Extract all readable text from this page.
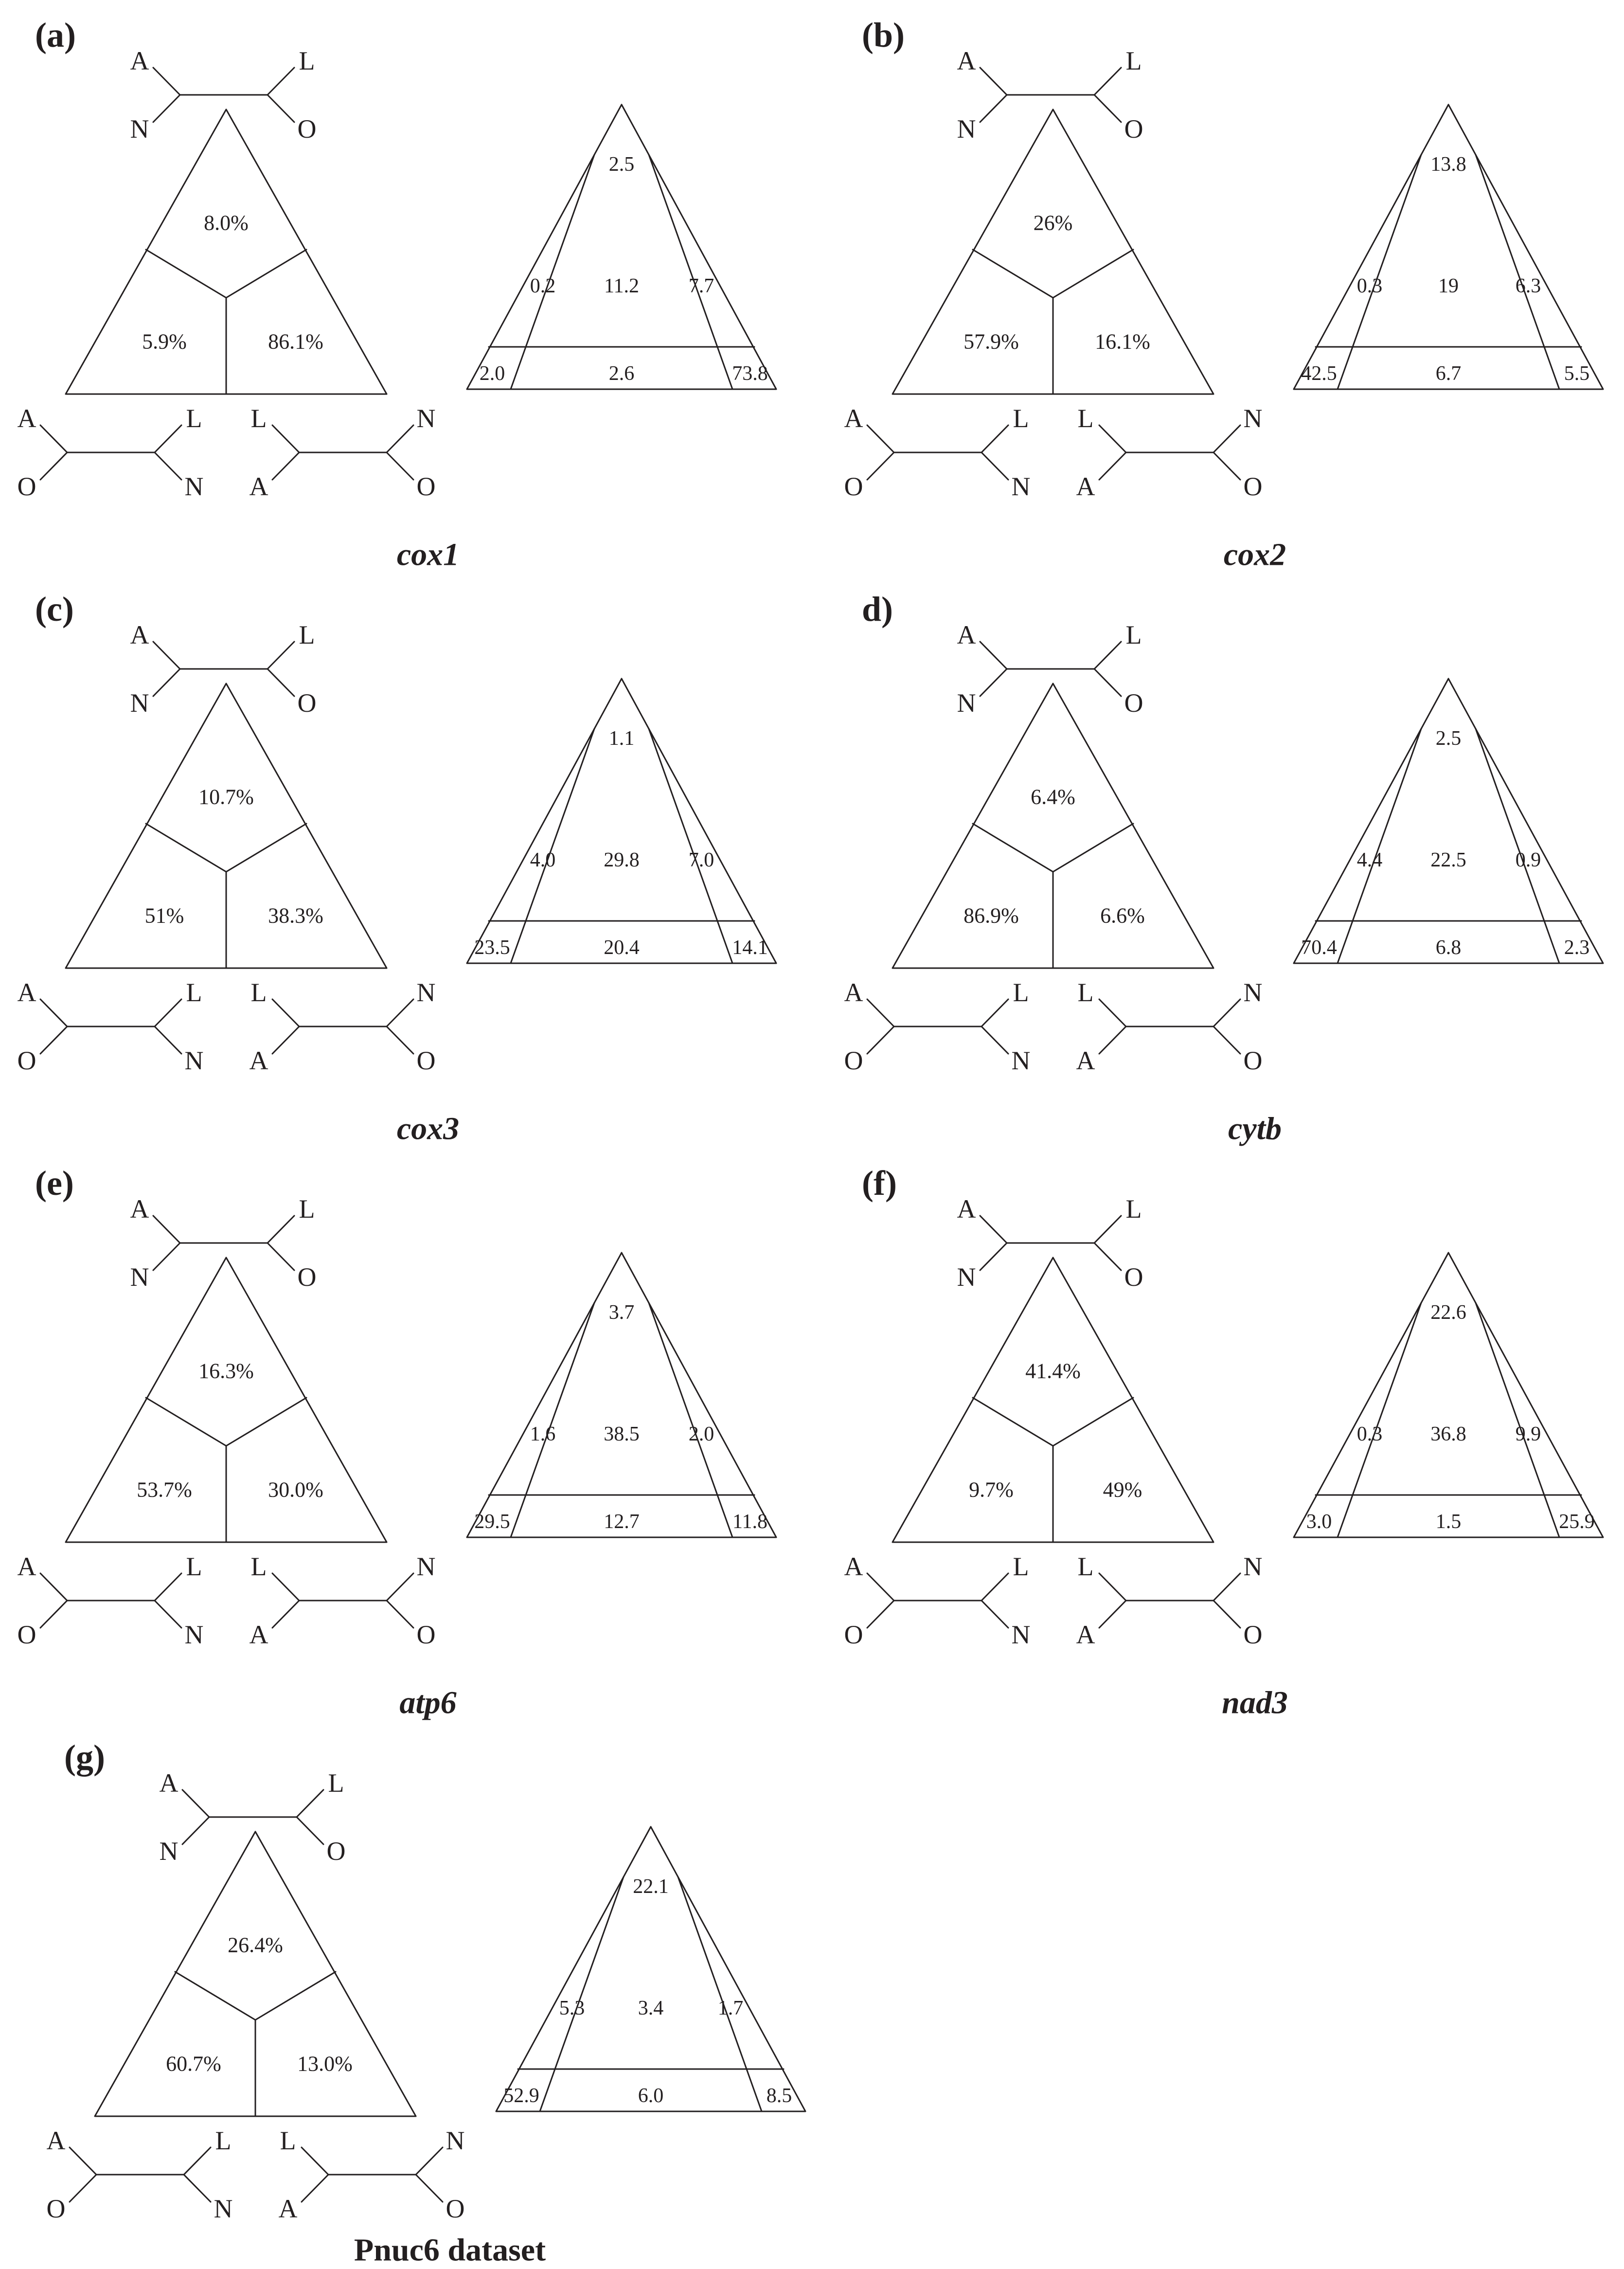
(a)
8.0%
5.9%	86.1%
A	L
N	O
A	L
O	N
L	N
A	O
2.5
0.2 11.2 7.7
2.0	2.6	73.8
cox1
(b)
26%
57.9%	16.1%
A	L
N	O
A	L
O	N
L	N
A	O
13.8
0.3	19	6.3
42.5	6.7	5.5
cox2
(c)
10.7%
51%	38.3%
A	L
N	O
A	L
O	N
L	N
A	O
1.1
4.0 29.8 7.0
23.5	20.4	14.1
cox3
d)
6.4%
86.9%	6.6%
A	L
N	O
A	L
O	N
L	N
A	O
2.5
4.4 22.5 0.9
70.4	6.8	2.3
cytb
(e)
16.3%
53.7%	30.0%
A	L
N	O
A	L
O	N
L	N
A	O
3.7
1.6 38.5 2.0
29.5	12.7	11.8
atp6
(f)
41.4%
9.7%	49%
A	L
N	O
A	L
O	N
L	N
A	O
22.6
0.3 36.8 9.9
3.0	1.5	25.9
nad3
(g)
26.4%
60.7%	13.0%
A	L
N	O
A	L
O	N
L	N
A	O
22.1
5.3	3.4	1.7
52.9	6.0	8.5
Pnuc6 dataset
